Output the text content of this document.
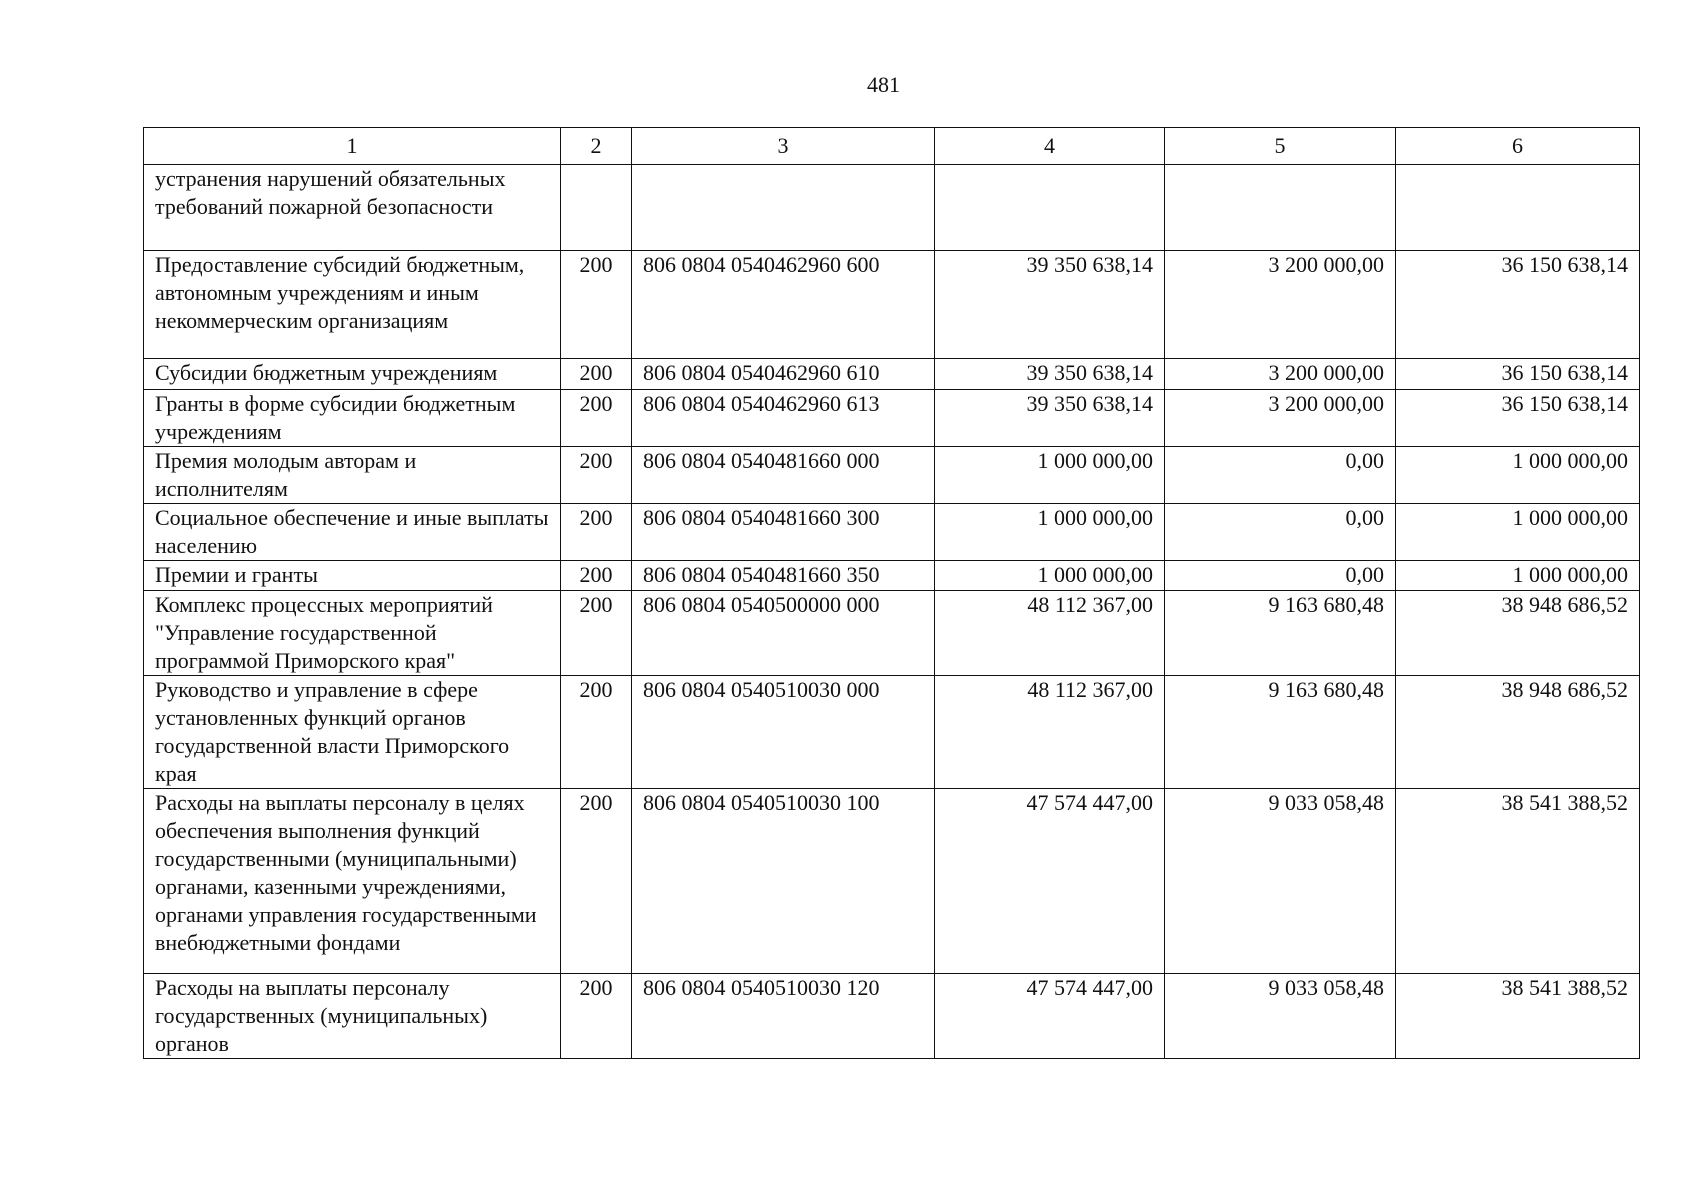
481
1	2	3	4	5	6
устранения нарушений обязательных требований пожарной безопасности					
Предоставление субсидий бюджетным, автономным учреждениям и иным некоммерческим организациям	200	806 0804 0540462960 600	39 350 638,14	3 200 000,00	36 150 638,14
Субсидии бюджетным учреждениям	200	806 0804 0540462960 610	39 350 638,14	3 200 000,00	36 150 638,14
Гранты в форме субсидии бюджетным учреждениям	200	806 0804 0540462960 613	39 350 638,14	3 200 000,00	36 150 638,14
Премия молодым авторам и исполнителям	200	806 0804 0540481660 000	1 000 000,00	0,00	1 000 000,00
Социальное обеспечение и иные выплаты населению	200	806 0804 0540481660 300	1 000 000,00	0,00	1 000 000,00
Премии и гранты	200	806 0804 0540481660 350	1 000 000,00	0,00	1 000 000,00
Комплекс процессных мероприятий "Управление государственной программой Приморского края"	200	806 0804 0540500000 000	48 112 367,00	9 163 680,48	38 948 686,52
Руководство и управление в сфере установленных функций органов государственной власти Приморского края	200	806 0804 0540510030 000	48 112 367,00	9 163 680,48	38 948 686,52
Расходы на выплаты персоналу в целях обеспечения выполнения функций государственными (муниципальными) органами, казенными учреждениями, органами управления государственными внебюджетными фондами	200	806 0804 0540510030 100	47 574 447,00	9 033 058,48	38 541 388,52
Расходы на выплаты персоналу государственных (муниципальных) органов	200	806 0804 0540510030 120	47 574 447,00	9 033 058,48	38 541 388,52
